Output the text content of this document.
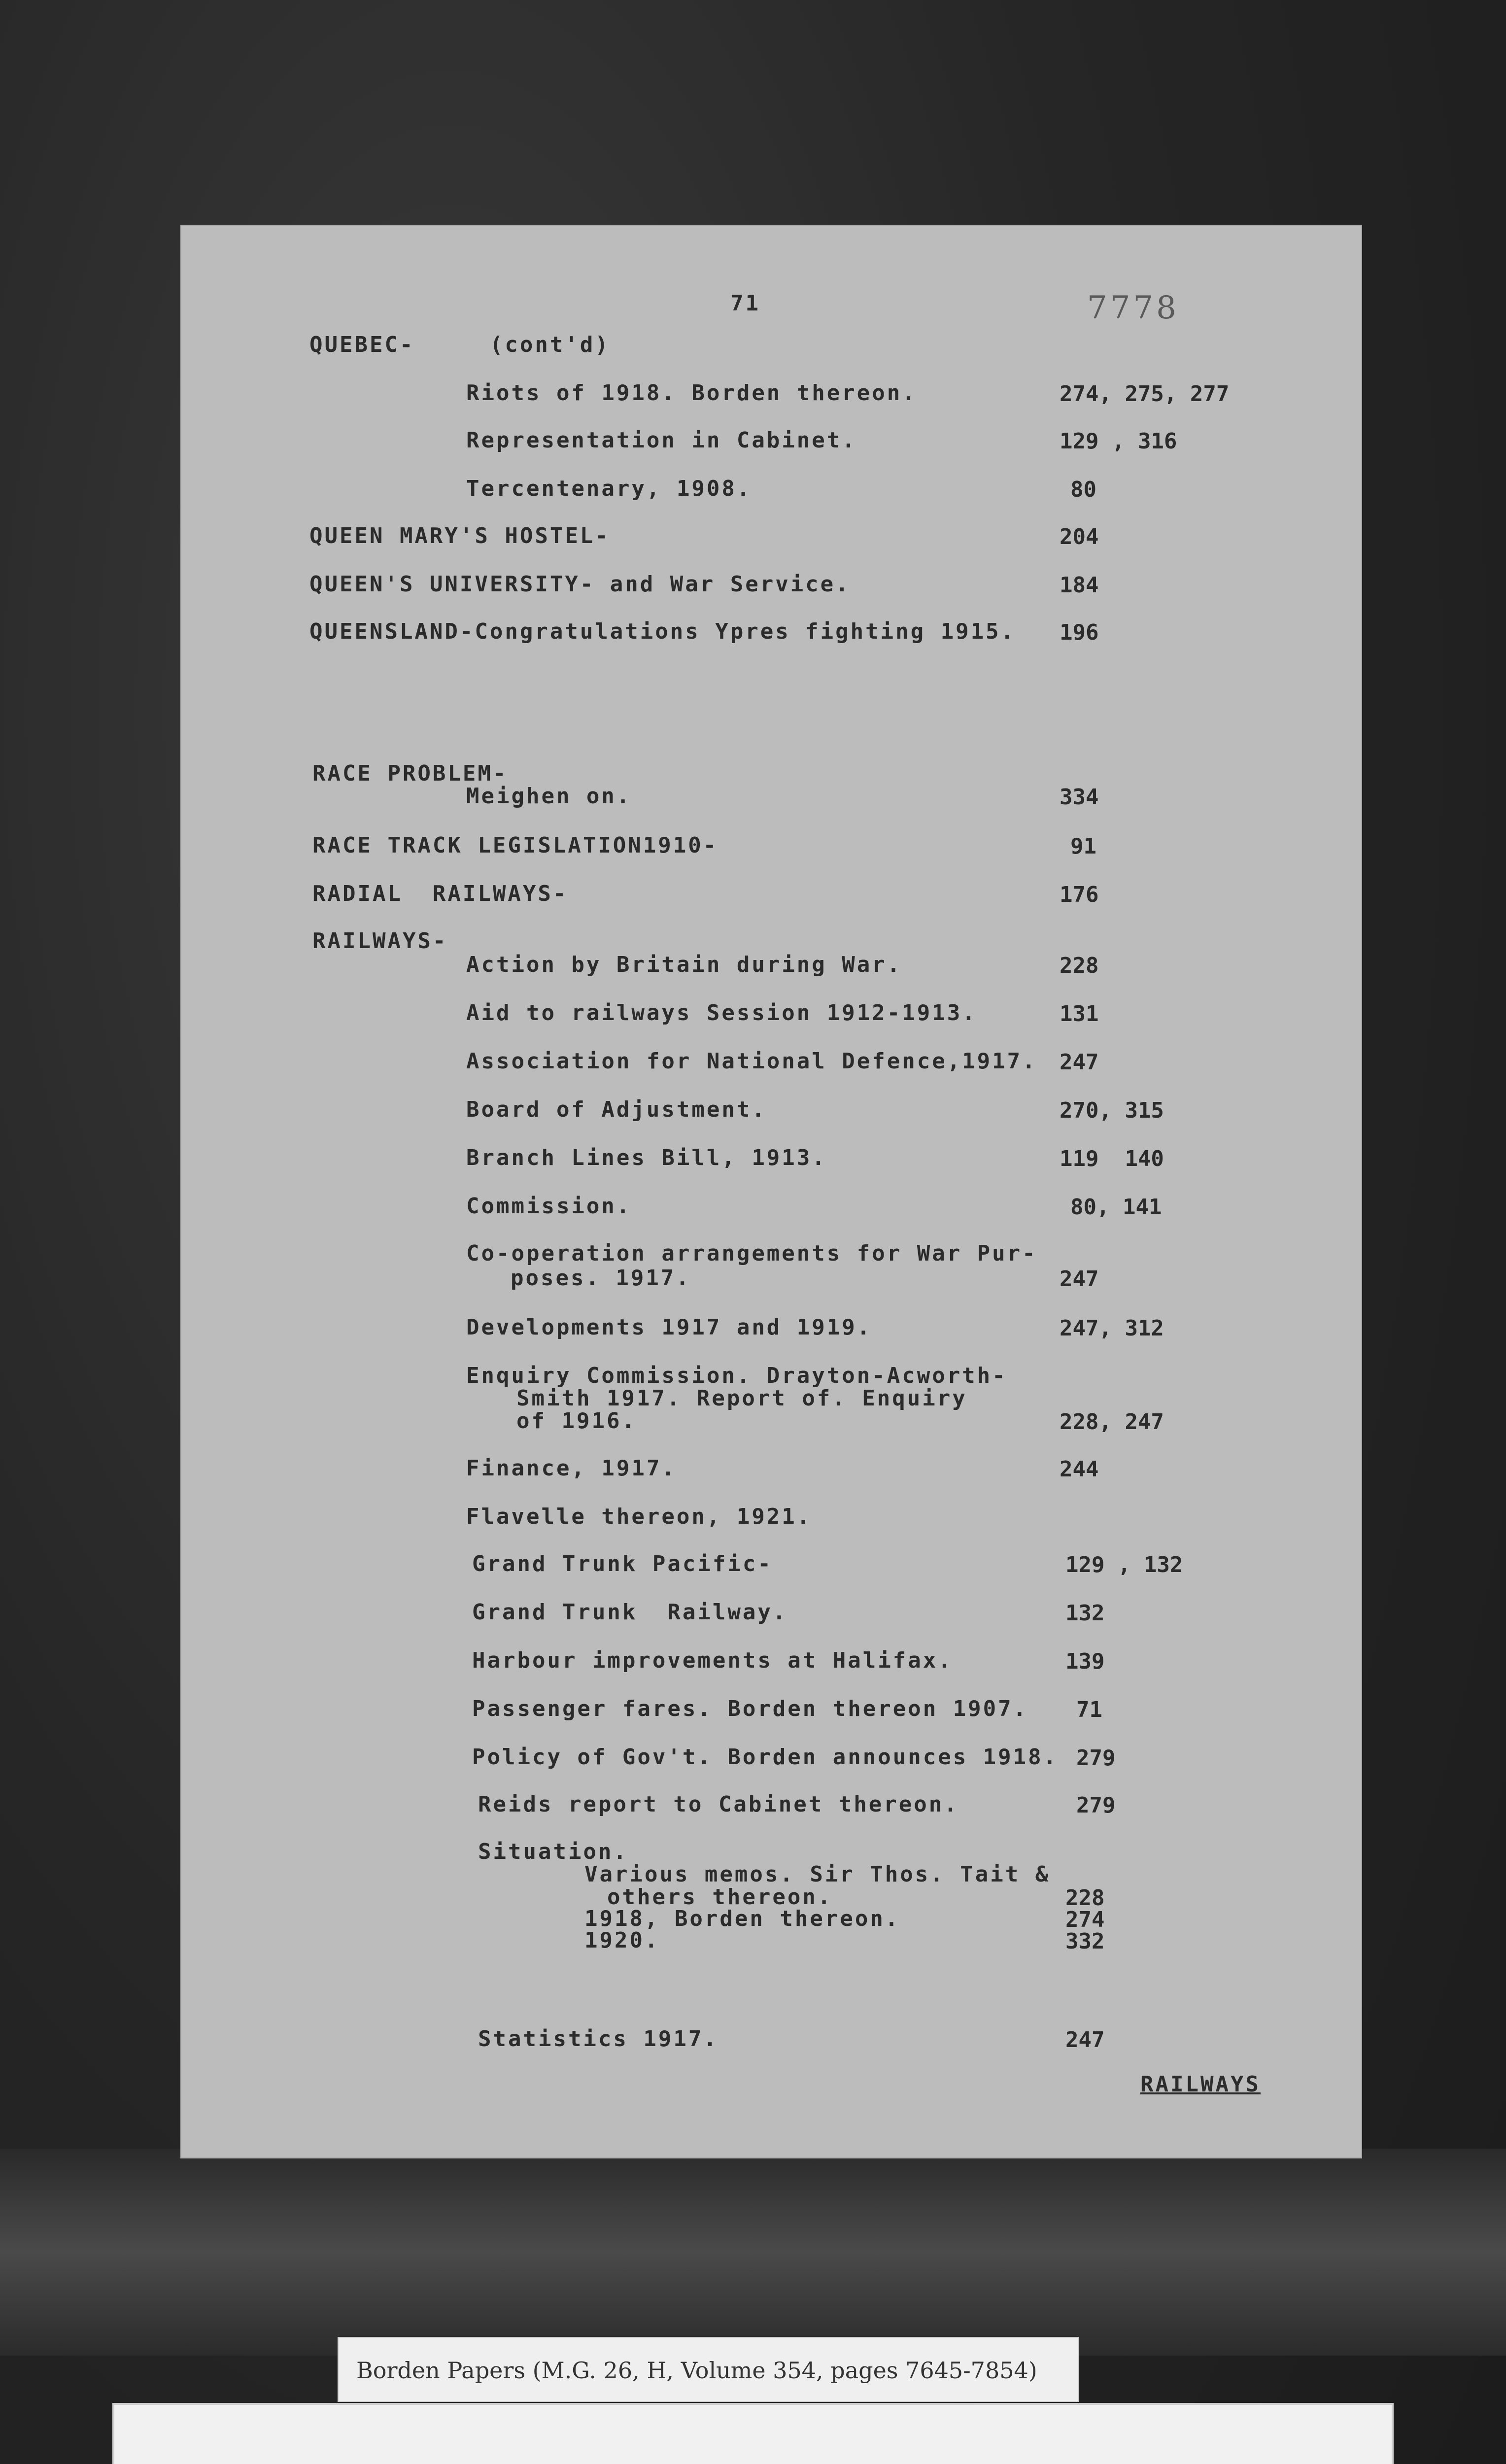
71	7778
QUEBEC-     (cont'd)
Riots of 1918. Borden thereon.	274, 275, 277
Representation in Cabinet.	129 , 316
Tercentenary, 1908.	80
QUEEN MARY'S HOSTEL-	204
QUEEN'S UNIVERSITY- and War Service.	184
QUEENSLAND-Congratulations Ypres fighting 1915. 196
RACE PROBLEM-
Meighen on.	334
RACE TRACK LEGISLATION1910-	91
RADIAL  RAILWAYS-	176
RAILWAYS-
Action by Britain during War.	228
Aid to railways Session 1912-1913.	131
Association for National Defence,1917. 247
Board of Adjustment.	270, 315
Branch Lines Bill, 1913.	119  140
Commission.	80, 141
Co-operation arrangements for War Pur-
poses. 1917.	247
Developments 1917 and 1919.	247, 312
Enquiry Commission. Drayton-Acworth-
Smith 1917. Report of. Enquiry
of 1916.	228, 247
Finance, 1917.	244
Flavelle thereon, 1921.
Grand Trunk Pacific-	129 , 132
Grand Trunk  Railway.	132
Harbour improvements at Halifax.	139
Passenger fares. Borden thereon 1907. 71
Policy of Gov't. Borden announces 1918. 279
Reids report to Cabinet thereon.	279
Situation.
Various memos. Sir Thos. Tait &
others thereon.	228
1918, Borden thereon.	274
1920.	332
Statistics 1917.	247
RAILWAYS
Borden Papers (M.G. 26, H, Volume 354, pages 7645-7854)
